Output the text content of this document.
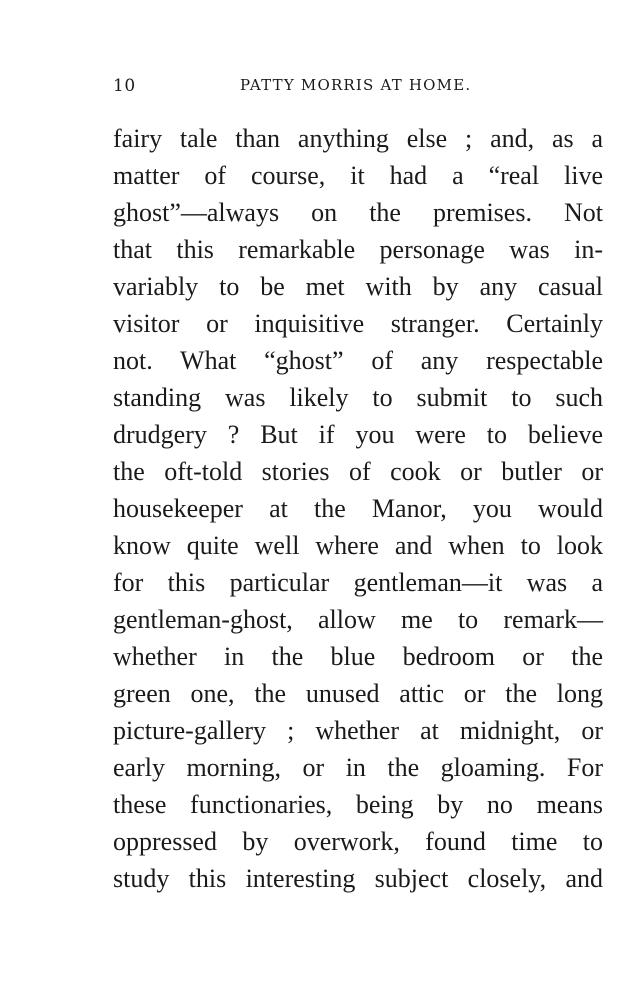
10	PATTY MORRIS AT HOME.
fairy tale than anything else ; and, as a
matter of course, it had a “real live
ghost”—always on the premises. Not
that this remarkable personage was in-
variably to be met with by any casual
visitor or inquisitive stranger. Certainly
not. What “ghost” of any respectable
standing was likely to submit to such
drudgery ? But if you were to believe
the oft-told stories of cook or butler or
housekeeper at the Manor, you would
know quite well where and when to look
for this particular gentleman—it was a
gentleman-ghost, allow me to remark—
whether in the blue bedroom or the
green one, the unused attic or the long
picture-gallery ; whether at midnight, or
early morning, or in the gloaming. For
these functionaries, being by no means
oppressed by overwork, found time to
study this interesting subject closely, and
